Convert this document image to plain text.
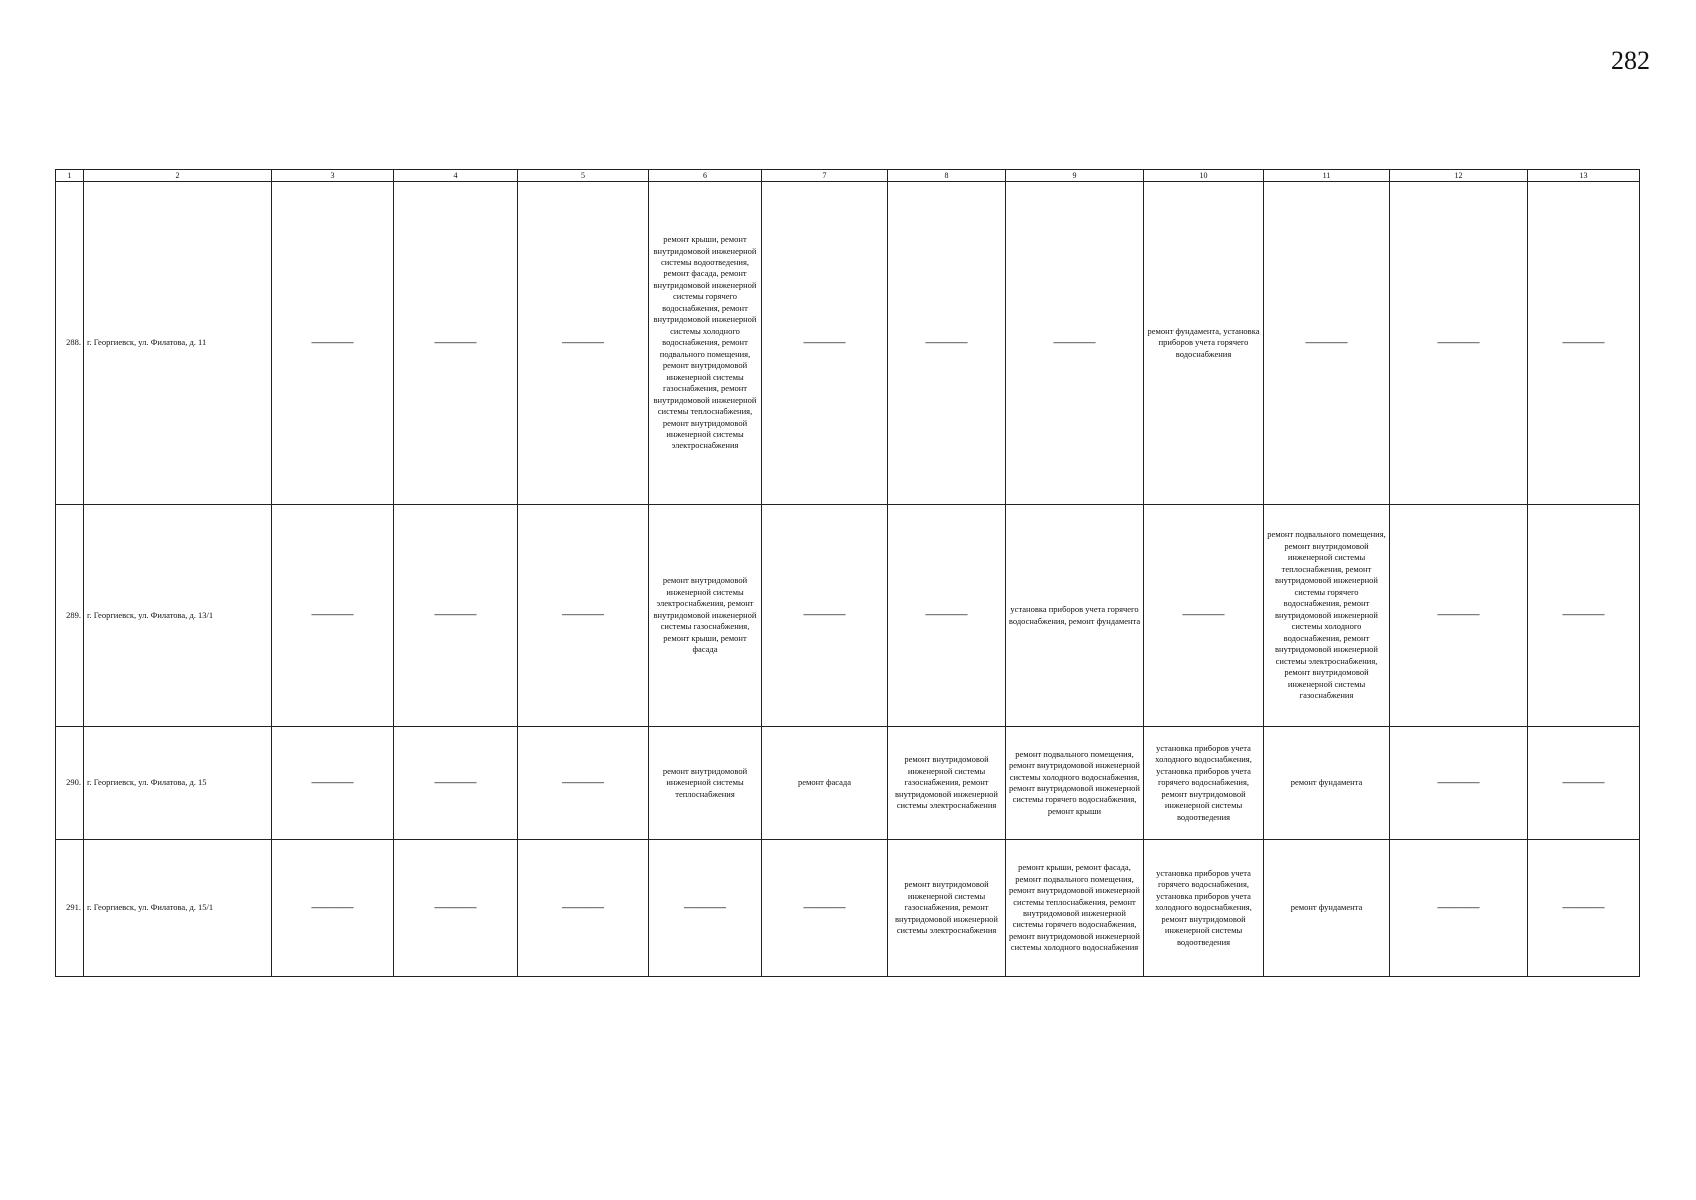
282
1	2	3	4	5	6	7	8	9	10	11	12	13
288.	г. Георгиевск, ул. Филатова, д. 11	———	———	———	ремонт крыши, ремонт внутридомовой инженерной системы водоотведения, ремонт фасада, ремонт внутридомовой инженерной системы горячего водоснабжения, ремонт внутридомовой инженерной системы холодного водоснабжения, ремонт подвального помещения, ремонт внутридомовой инженерной системы газоснабжения, ремонт внутридомовой инженерной системы теплоснабжения, ремонт внутридомовой инженерной системы электроснабжения	———	———	———	ремонт фундамента, установка приборов учета горячего водоснабжения	———	———	———
289.	г. Георгиевск, ул. Филатова, д. 13/1	———	———	———	ремонт внутридомовой инженерной системы электроснабжения, ремонт внутридомовой инженерной системы газоснабжения, ремонт крыши, ремонт фасада	———	———	установка приборов учета горячего водоснабжения, ремонт фундамента	———	ремонт подвального помещения, ремонт внутридомовой инженерной системы теплоснабжения, ремонт внутридомовой инженерной системы горячего водоснабжения, ремонт внутридомовой инженерной системы холодного водоснабжения, ремонт внутридомовой инженерной системы электроснабжения, ремонт внутридомовой инженерной системы газоснабжения	———	———
290.	г. Георгиевск, ул. Филатова, д. 15	———	———	———	ремонт внутридомовой инженерной системы теплоснабжения	ремонт фасада	ремонт внутридомовой инженерной системы газоснабжения, ремонт внутридомовой инженерной системы электроснабжения	ремонт подвального помещения, ремонт внутридомовой инженерной системы холодного водоснабжения, ремонт внутридомовой инженерной системы горячего водоснабжения, ремонт крыши	установка приборов учета холодного водоснабжения, установка приборов учета горячего водоснабжения, ремонт внутридомовой инженерной системы водоотведения	ремонт фундамента	———	———
291.	г. Георгиевск, ул. Филатова, д. 15/1	———	———	———	———	———	ремонт внутридомовой инженерной системы газоснабжения, ремонт внутридомовой инженерной системы электроснабжения	ремонт крыши, ремонт фасада, ремонт подвального помещения, ремонт внутридомовой инженерной системы теплоснабжения, ремонт внутридомовой инженерной системы горячего водоснабжения, ремонт внутридомовой инженерной системы холодного водоснабжения	установка приборов учета горячего водоснабжения, установка приборов учета холодного водоснабжения, ремонт внутридомовой инженерной системы водоотведения	ремонт фундамента	———	———
